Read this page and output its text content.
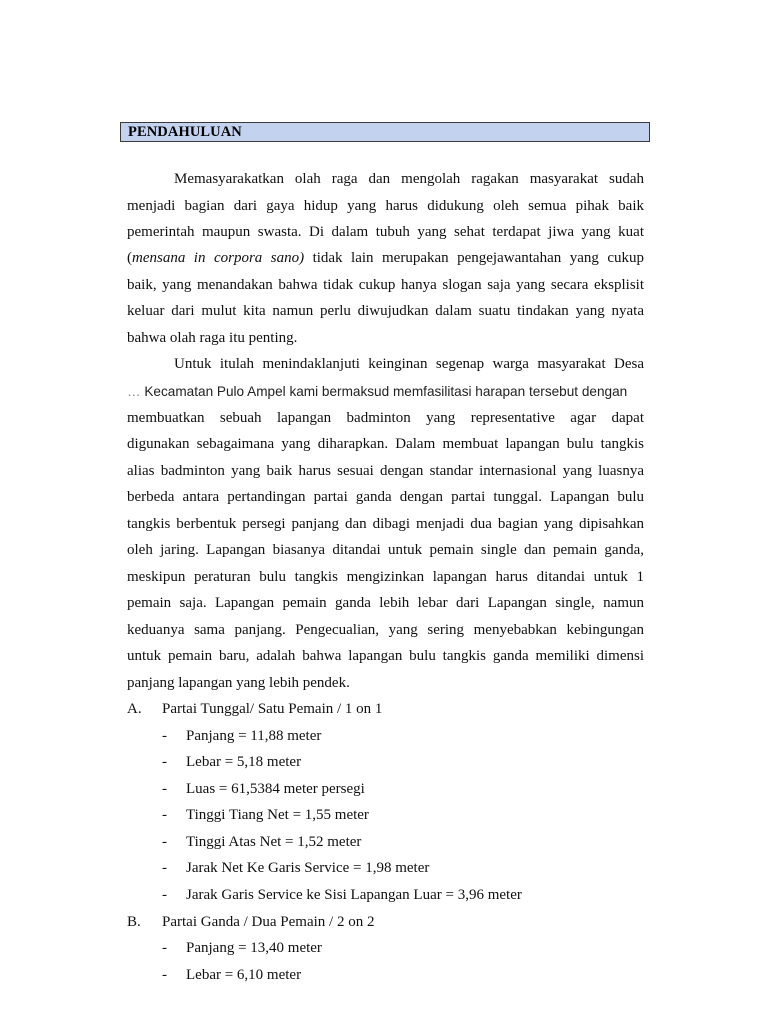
PENDAHULUAN
Memasyarakatkan olah raga dan mengolah ragakan masyarakat sudah
menjadi bagian dari gaya hidup yang harus didukung oleh semua pihak baik
pemerintah maupun swasta. Di dalam tubuh yang sehat terdapat jiwa yang kuat
(mensana in corpora sano) tidak lain merupakan pengejawantahan yang cukup
baik, yang menandakan bahwa tidak cukup hanya slogan saja yang secara eksplisit
keluar dari mulut kita namun perlu diwujudkan dalam suatu tindakan yang nyata
bahwa olah raga itu penting.
Untuk itulah menindaklanjuti keinginan segenap warga masyarakat Desa
… Kecamatan Pulo Ampel kami bermaksud memfasilitasi harapan tersebut dengan
membuatkan sebuah lapangan badminton yang representative agar dapat
digunakan sebagaimana yang diharapkan. Dalam membuat lapangan bulu tangkis
alias badminton yang baik harus sesuai dengan standar internasional yang luasnya
berbeda antara pertandingan partai ganda dengan partai tunggal. Lapangan bulu
tangkis berbentuk persegi panjang dan dibagi menjadi dua bagian yang dipisahkan
oleh jaring. Lapangan biasanya ditandai untuk pemain single dan pemain ganda,
meskipun peraturan bulu tangkis mengizinkan lapangan harus ditandai untuk 1
pemain saja. Lapangan pemain ganda lebih lebar dari Lapangan single, namun
keduanya sama panjang. Pengecualian, yang sering menyebabkan kebingungan
untuk pemain baru, adalah bahwa lapangan bulu tangkis ganda memiliki dimensi
panjang lapangan yang lebih pendek.
A. Partai Tunggal/ Satu Pemain / 1 on 1
- Panjang = 11,88 meter
- Lebar = 5,18 meter
- Luas = 61,5384 meter persegi
- Tinggi Tiang Net = 1,55 meter
- Tinggi Atas Net = 1,52 meter
- Jarak Net Ke Garis Service = 1,98 meter
- Jarak Garis Service ke Sisi Lapangan Luar = 3,96 meter
B. Partai Ganda / Dua Pemain / 2 on 2
- Panjang = 13,40 meter
- Lebar = 6,10 meter
